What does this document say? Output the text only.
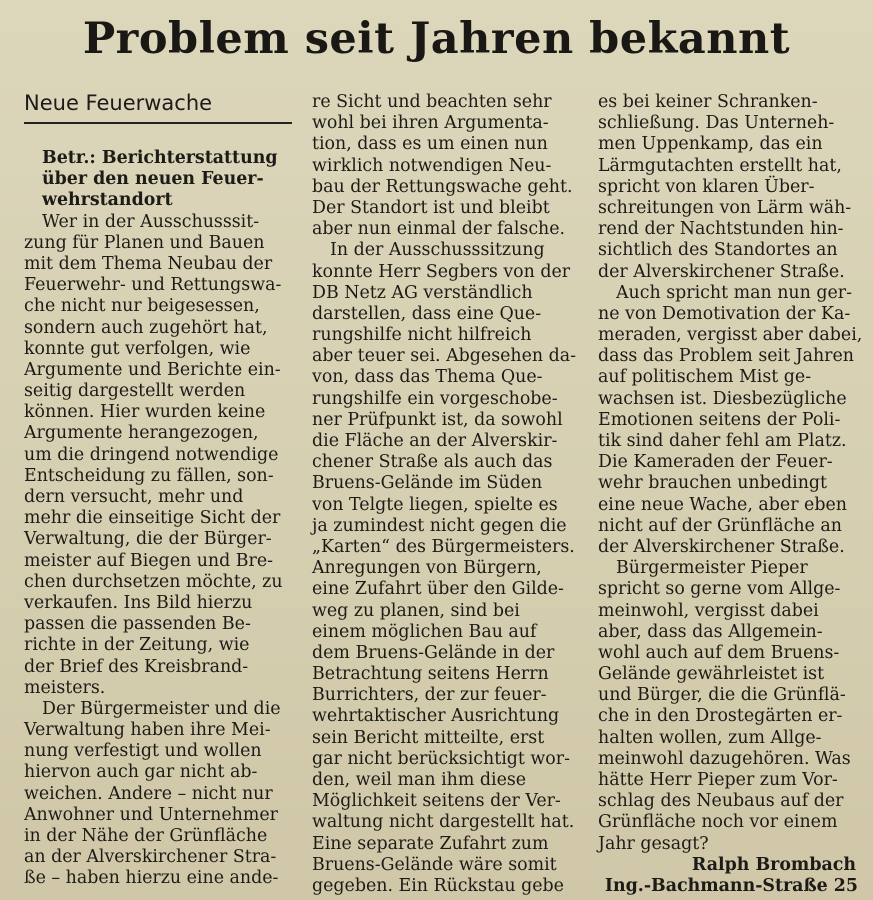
Problem seit Jahren bekannt
Neue Feuerwache
Betr.: Berichterstattung
über den neuen Feuer-
wehrstandort
Wer in der Ausschusssit-
zung für Planen und Bauen
mit dem Thema Neubau der
Feuerwehr- und Rettungswa-
che nicht nur beigesessen,
sondern auch zugehört hat,
konnte gut verfolgen, wie
Argumente und Berichte ein-
seitig dargestellt werden
können. Hier wurden keine
Argumente herangezogen,
um die dringend notwendige
Entscheidung zu fällen, son-
dern versucht, mehr und
mehr die einseitige Sicht der
Verwaltung, die der Bürger-
meister auf Biegen und Bre-
chen durchsetzen möchte, zu
verkaufen. Ins Bild hierzu
passen die passenden Be-
richte in der Zeitung, wie
der Brief des Kreisbrand-
meisters.
Der Bürgermeister und die
Verwaltung haben ihre Mei-
nung verfestigt und wollen
hiervon auch gar nicht ab-
weichen. Andere – nicht nur
Anwohner und Unternehmer
in der Nähe der Grünfläche
an der Alverskirchener Stra-
ße – haben hierzu eine ande-
re Sicht und beachten sehr
wohl bei ihren Argumenta-
tion, dass es um einen nun
wirklich notwendigen Neu-
bau der Rettungswache geht.
Der Standort ist und bleibt
aber nun einmal der falsche.
In der Ausschusssitzung
konnte Herr Segbers von der
DB Netz AG verständlich
darstellen, dass eine Que-
rungshilfe nicht hilfreich
aber teuer sei. Abgesehen da-
von, dass das Thema Que-
rungshilfe ein vorgeschobe-
ner Prüfpunkt ist, da sowohl
die Fläche an der Alverskir-
chener Straße als auch das
Bruens-Gelände im Süden
von Telgte liegen, spielte es
ja zumindest nicht gegen die
„Karten“ des Bürgermeisters.
Anregungen von Bürgern,
eine Zufahrt über den Gilde-
weg zu planen, sind bei
einem möglichen Bau auf
dem Bruens-Gelände in der
Betrachtung seitens Herrn
Burrichters, der zur feuer-
wehrtaktischer Ausrichtung
sein Bericht mitteilte, erst
gar nicht berücksichtigt wor-
den, weil man ihm diese
Möglichkeit seitens der Ver-
waltung nicht dargestellt hat.
Eine separate Zufahrt zum
Bruens-Gelände wäre somit
gegeben. Ein Rückstau gebe
es bei keiner Schranken-
schließung. Das Unterneh-
men Uppenkamp, das ein
Lärmgutachten erstellt hat,
spricht von klaren Über-
schreitungen von Lärm wäh-
rend der Nachtstunden hin-
sichtlich des Standortes an
der Alverskirchener Straße.
Auch spricht man nun ger-
ne von Demotivation der Ka-
meraden, vergisst aber dabei,
dass das Problem seit Jahren
auf politischem Mist ge-
wachsen ist. Diesbezügliche
Emotionen seitens der Poli-
tik sind daher fehl am Platz.
Die Kameraden der Feuer-
wehr brauchen unbedingt
eine neue Wache, aber eben
nicht auf der Grünfläche an
der Alverskirchener Straße.
Bürgermeister Pieper
spricht so gerne vom Allge-
meinwohl, vergisst dabei
aber, dass das Allgemein-
wohl auch auf dem Bruens-
Gelände gewährleistet ist
und Bürger, die die Grünflä-
che in den Drostegärten er-
halten wollen, zum Allge-
meinwohl dazugehören. Was
hätte Herr Pieper zum Vor-
schlag des Neubaus auf der
Grünfläche noch vor einem
Jahr gesagt?
Ralph Brombach
Ing.-Bachmann-Straße 25
